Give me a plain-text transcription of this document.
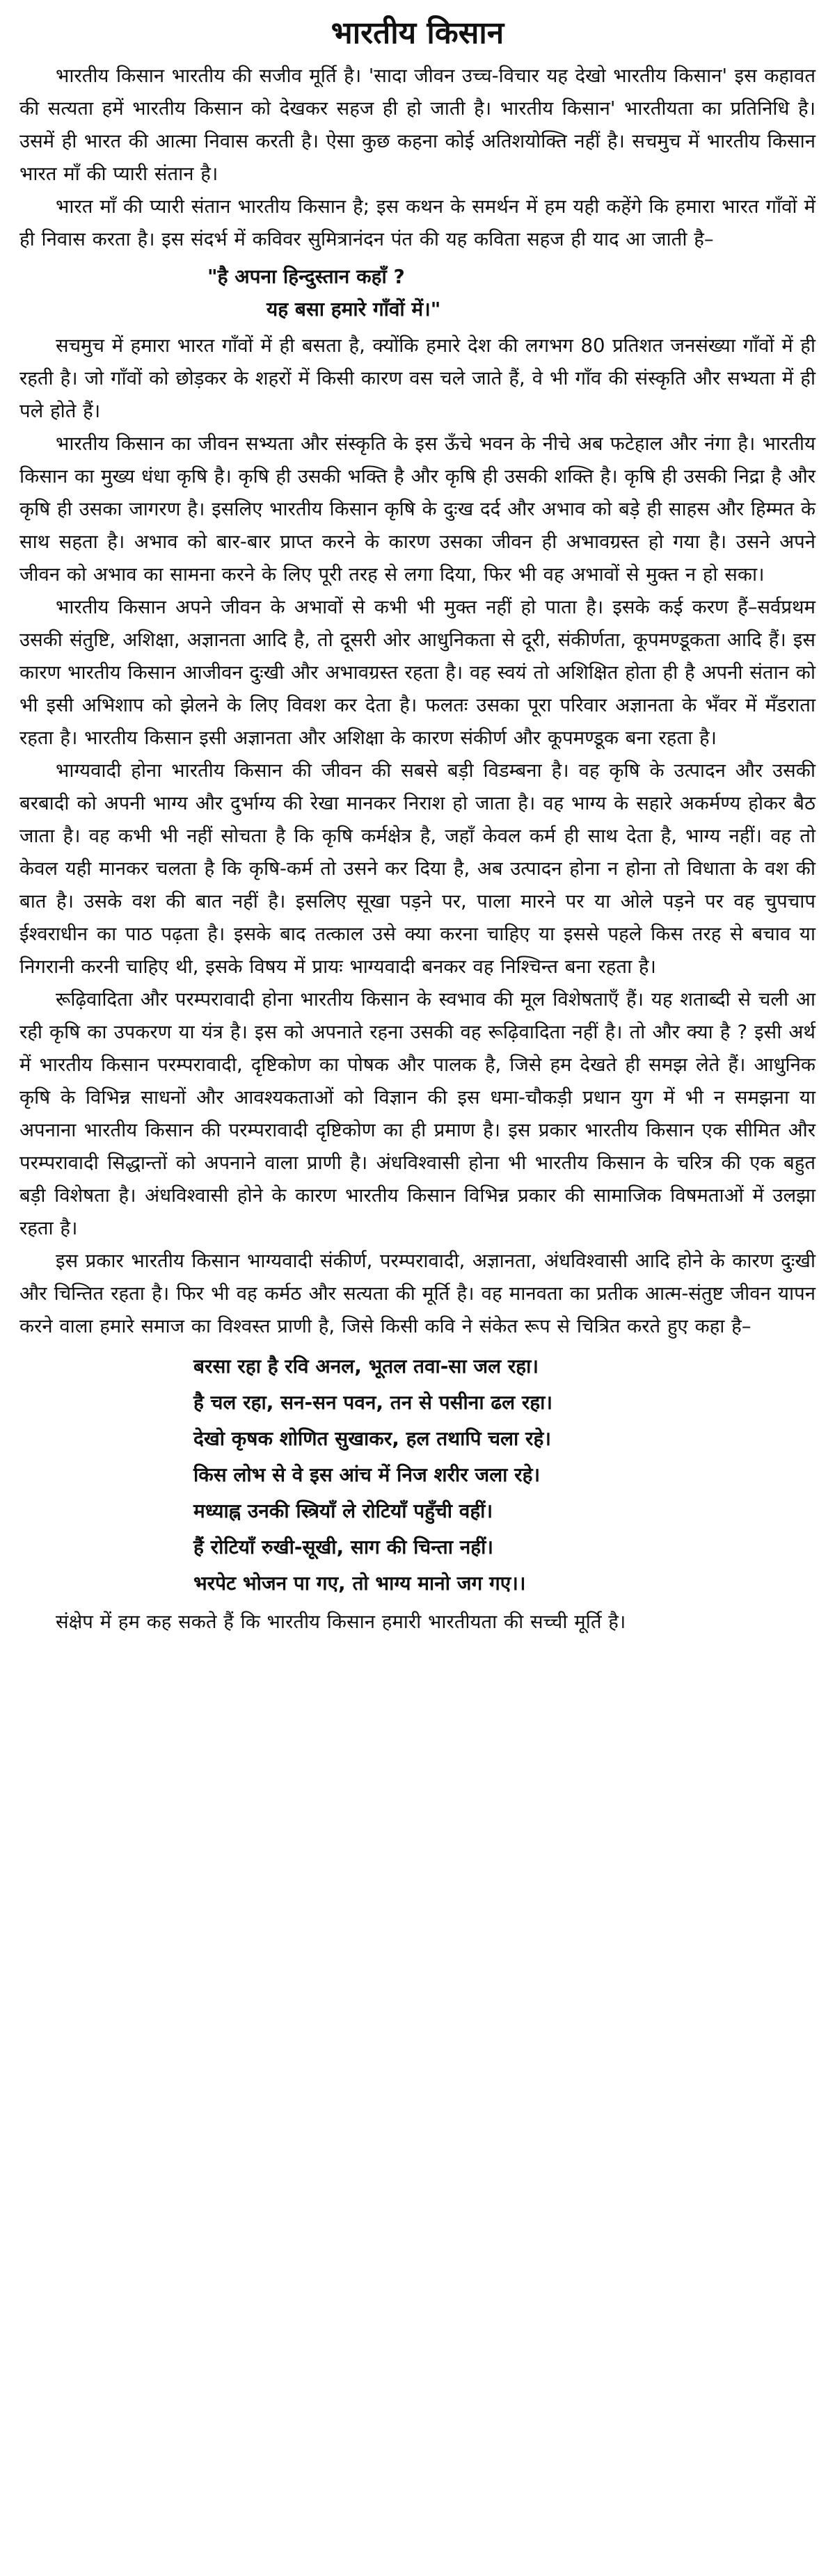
भारतीय किसान

भारतीय किसान भारतीय की सजीव मूर्ति है। 'सादा जीवन उच्च-विचार यह देखो भारतीय किसान' इस कहावत की सत्यता हमें भारतीय किसान को देखकर सहज ही हो जाती है। भारतीय किसान' भारतीयता का प्रतिनिधि है। उसमें ही भारत की आत्मा निवास करती है। ऐसा कुछ कहना कोई अतिशयोक्ति नहीं है। सचमुच में भारतीय किसान भारत माँ की प्यारी संतान है।

भारत माँ की प्यारी संतान भारतीय किसान है; इस कथन के समर्थन में हम यही कहेंगे कि हमारा भारत गाँवों में ही निवास करता है। इस संदर्भ में कविवर सुमित्रानंदन पंत की यह कविता सहज ही याद आ जाती है–

"है अपना हिन्दुस्तान कहाँ ?
यह बसा हमारे गाँवों में।"

सचमुच में हमारा भारत गाँवों में ही बसता है, क्योंकि हमारे देश की लगभग 80 प्रतिशत जनसंख्या गाँवों में ही रहती है। जो गाँवों को छोड़कर के शहरों में किसी कारण वस चले जाते हैं, वे भी गाँव की संस्कृति और सभ्यता में ही पले होते हैं।

भारतीय किसान का जीवन सभ्यता और संस्कृति के इस ऊँचे भवन के नीचे अब फटेहाल और नंगा है। भारतीय किसान का मुख्य धंधा कृषि है। कृषि ही उसकी भक्ति है और कृषि ही उसकी शक्ति है। कृषि ही उसकी निद्रा है और कृषि ही उसका जागरण है। इसलिए भारतीय किसान कृषि के दुःख दर्द और अभाव को बड़े ही साहस और हिम्मत के साथ सहता है। अभाव को बार-बार प्राप्त करने के कारण उसका जीवन ही अभावग्रस्त हो गया है। उसने अपने जीवन को अभाव का सामना करने के लिए पूरी तरह से लगा दिया, फिर भी वह अभावों से मुक्त न हो सका।

भारतीय किसान अपने जीवन के अभावों से कभी भी मुक्त नहीं हो पाता है। इसके कई करण हैं–सर्वप्रथम उसकी संतुष्टि, अशिक्षा, अज्ञानता आदि है, तो दूसरी ओर आधुनिकता से दूरी, संकीर्णता, कूपमण्डूकता आदि हैं। इस कारण भारतीय किसान आजीवन दुःखी और अभावग्रस्त रहता है। वह स्वयं तो अशिक्षित होता ही है अपनी संतान को भी इसी अभिशाप को झेलने के लिए विवश कर देता है। फलतः उसका पूरा परिवार अज्ञानता के भँवर में मँडराता रहता है। भारतीय किसान इसी अज्ञानता और अशिक्षा के कारण संकीर्ण और कूपमण्डूक बना रहता है।

भाग्यवादी होना भारतीय किसान की जीवन की सबसे बड़ी विडम्बना है। वह कृषि के उत्पादन और उसकी बरबादी को अपनी भाग्य और दुर्भाग्य की रेखा मानकर निराश हो जाता है। वह भाग्य के सहारे अकर्मण्य होकर बैठ जाता है। वह कभी भी नहीं सोचता है कि कृषि कर्मक्षेत्र है, जहाँ केवल कर्म ही साथ देता है, भाग्य नहीं। वह तो केवल यही मानकर चलता है कि कृषि-कर्म तो उसने कर दिया है, अब उत्पादन होना न होना तो विधाता के वश की बात है। उसके वश की बात नहीं है। इसलिए सूखा पड़ने पर, पाला मारने पर या ओले पड़ने पर वह चुपचाप ईश्वराधीन का पाठ पढ़ता है। इसके बाद तत्काल उसे क्या करना चाहिए या इससे पहले किस तरह से बचाव या निगरानी करनी चाहिए थी, इसके विषय में प्रायः भाग्यवादी बनकर वह निश्चिन्त बना रहता है।

रूढ़िवादिता और परम्परावादी होना भारतीय किसान के स्वभाव की मूल विशेषताएँ हैं। यह शताब्दी से चली आ रही कृषि का उपकरण या यंत्र है। इस को अपनाते रहना उसकी वह रूढ़िवादिता नहीं है। तो और क्या है ? इसी अर्थ में भारतीय किसान परम्परावादी, दृष्टिकोण का पोषक और पालक है, जिसे हम देखते ही समझ लेते हैं। आधुनिक कृषि के विभिन्न साधनों और आवश्यकताओं को विज्ञान की इस धमा-चौकड़ी प्रधान युग में भी न समझना या अपनाना भारतीय किसान की परम्परावादी दृष्टिकोण का ही प्रमाण है। इस प्रकार भारतीय किसान एक सीमित और परम्परावादी सिद्धान्तों को अपनाने वाला प्राणी है। अंधविश्वासी होना भी भारतीय किसान के चरित्र की एक बहुत बड़ी विशेषता है। अंधविश्वासी होने के कारण भारतीय किसान विभिन्न प्रकार की सामाजिक विषमताओं में उलझा रहता है।

इस प्रकार भारतीय किसान भाग्यवादी संकीर्ण, परम्परावादी, अज्ञानता, अंधविश्वासी आदि होने के कारण दुःखी और चिन्तित रहता है। फिर भी वह कर्मठ और सत्यता की मूर्ति है। वह मानवता का प्रतीक आत्म-संतुष्ट जीवन यापन करने वाला हमारे समाज का विश्वस्त प्राणी है, जिसे किसी कवि ने संकेत रूप से चित्रित करते हुए कहा है–

बरसा रहा है रवि अनल, भूतल तवा-सा जल रहा।
है चल रहा, सन-सन पवन, तन से पसीना ढल रहा।
देखो कृषक शोणित सुखाकर, हल तथापि चला रहे।
किस लोभ से वे इस आंच में निज शरीर जला रहे।
मध्याह्न उनकी स्त्रियाँ ले रोटियाँ पहुँची वहीं।
हैं रोटियाँ रुखी-सूखी, साग की चिन्ता नहीं।
भरपेट भोजन पा गए, तो भाग्य मानो जग गए।।

संक्षेप में हम कह सकते हैं कि भारतीय किसान हमारी भारतीयता की सच्ची मूर्ति है।
